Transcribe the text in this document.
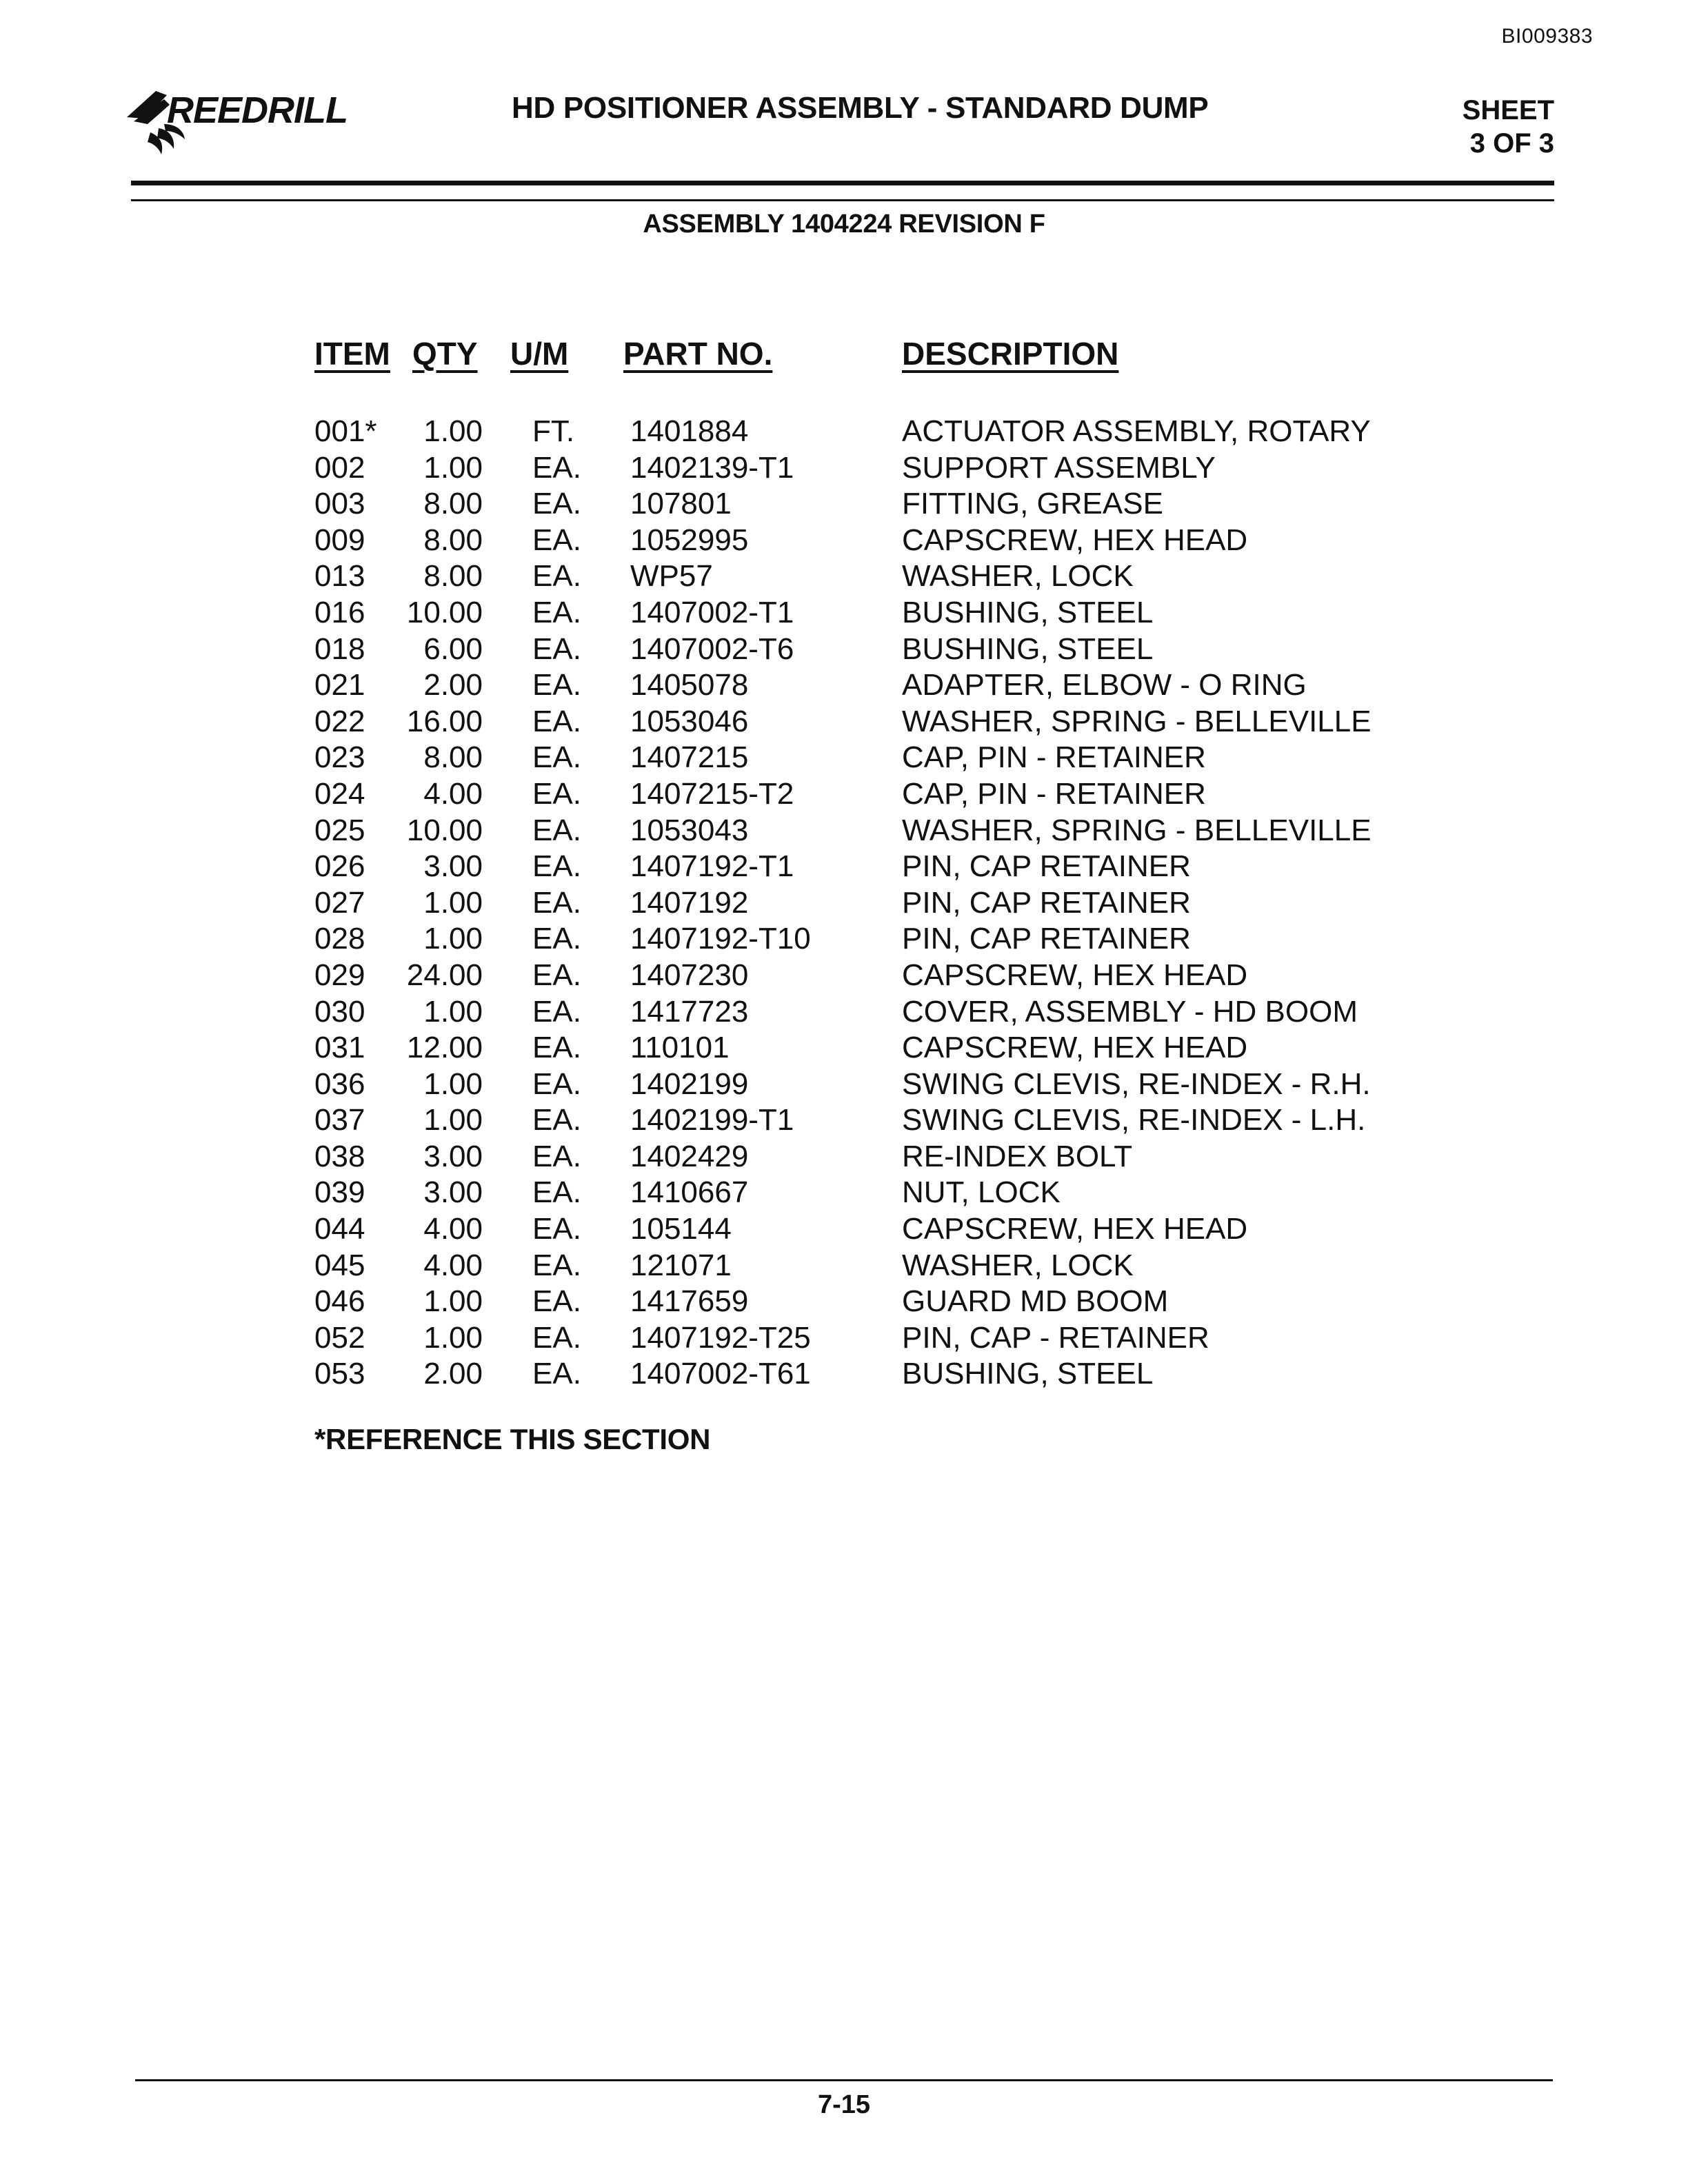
BI009383
REEDRILL	HD POSITIONER ASSEMBLY - STANDARD DUMP	SHEET
3 OF 3
ASSEMBLY 1404224 REVISION F
ITEM QTY U/M PART NO.	DESCRIPTION
001*	1.00 FT. 1401884	ACTUATOR ASSEMBLY, ROTARY
002	1.00 EA. 1402139-T1	SUPPORT ASSEMBLY
003	8.00 EA. 107801	FITTING, GREASE
009	8.00 EA. 1052995	CAPSCREW, HEX HEAD
013	8.00 EA. WP57	WASHER, LOCK
016	10.00 EA. 1407002-T1	BUSHING, STEEL
018	6.00 EA. 1407002-T6	BUSHING, STEEL
021	2.00 EA. 1405078	ADAPTER, ELBOW - O RING
022	16.00 EA. 1053046	WASHER, SPRING - BELLEVILLE
023	8.00 EA. 1407215	CAP, PIN - RETAINER
024	4.00 EA. 1407215-T2	CAP, PIN - RETAINER
025	10.00 EA. 1053043	WASHER, SPRING - BELLEVILLE
026	3.00 EA. 1407192-T1	PIN, CAP RETAINER
027	1.00 EA. 1407192	PIN, CAP RETAINER
028	1.00 EA. 1407192-T10	PIN, CAP RETAINER
029	24.00 EA. 1407230	CAPSCREW, HEX HEAD
030	1.00 EA. 1417723	COVER, ASSEMBLY - HD BOOM
031	12.00 EA. 110101	CAPSCREW, HEX HEAD
036	1.00 EA. 1402199	SWING CLEVIS, RE-INDEX - R.H.
037	1.00 EA. 1402199-T1	SWING CLEVIS, RE-INDEX - L.H.
038	3.00 EA. 1402429	RE-INDEX BOLT
039	3.00 EA. 1410667	NUT, LOCK
044	4.00 EA. 105144	CAPSCREW, HEX HEAD
045	4.00 EA. 121071	WASHER, LOCK
046	1.00 EA. 1417659	GUARD MD BOOM
052	1.00 EA. 1407192-T25	PIN, CAP - RETAINER
053	2.00 EA. 1407002-T61	BUSHING, STEEL
*REFERENCE THIS SECTION
7-15
